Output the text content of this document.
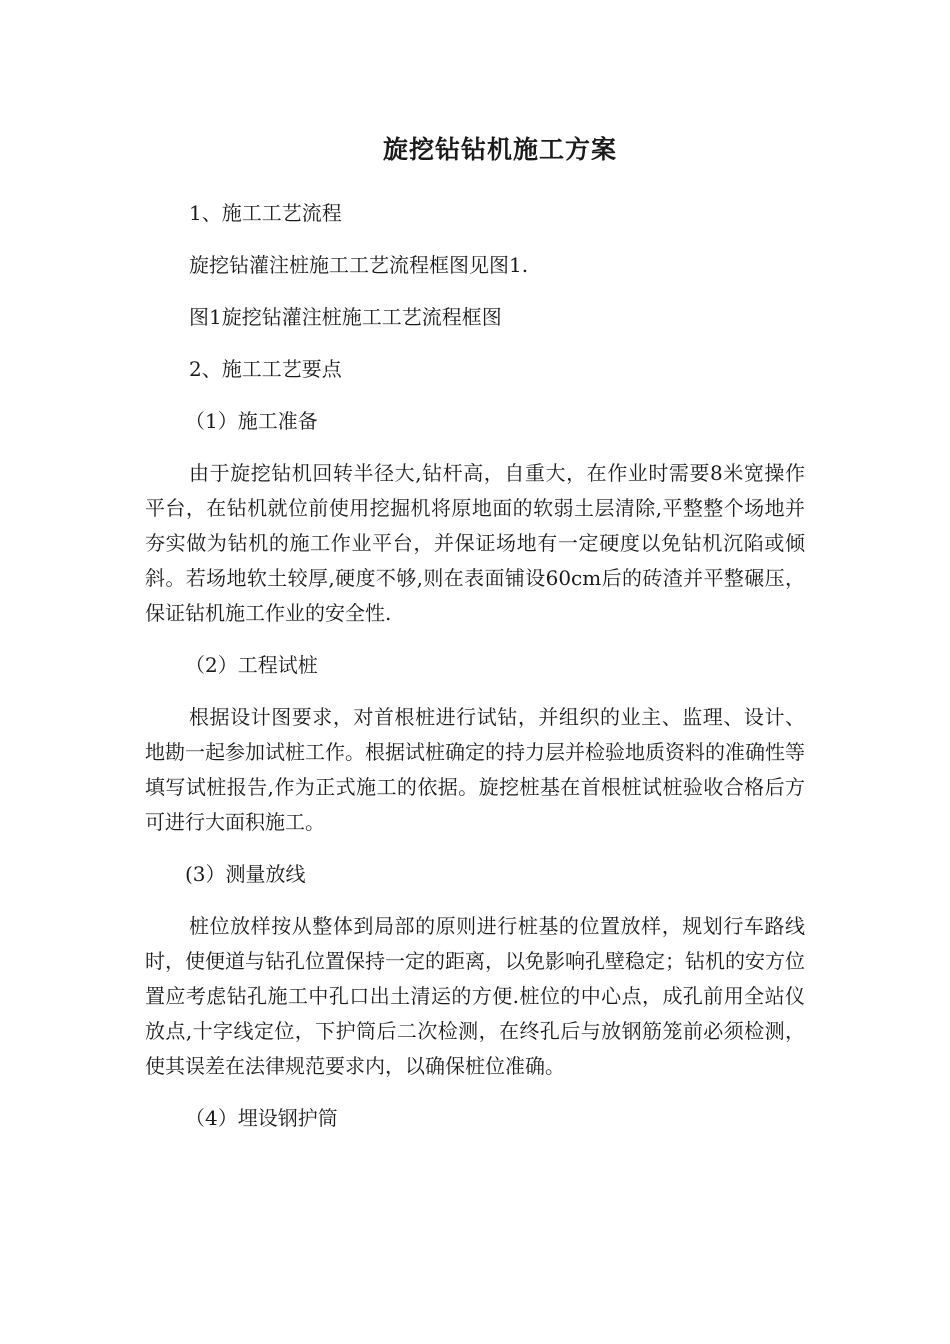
旋挖钻钻机施工方案

1、施工工艺流程

旋挖钻灌注桩施工工艺流程框图见图1.

图1旋挖钻灌注桩施工工艺流程框图

2、施工工艺要点

（1）施工准备

由于旋挖钻机回转半径大,钻杆高，自重大，在作业时需要8米宽操作平台，在钻机就位前使用挖掘机将原地面的软弱土层清除,平整整个场地并夯实做为钻机的施工作业平台，并保证场地有一定硬度以免钻机沉陷或倾斜。若场地软土较厚,硬度不够,则在表面铺设60cm后的砖渣并平整碾压，保证钻机施工作业的安全性.

（2）工程试桩

根据设计图要求，对首根桩进行试钻，并组织的业主、监理、设计、地勘一起参加试桩工作。根据试桩确定的持力层并检验地质资料的准确性等填写试桩报告,作为正式施工的依据。旋挖桩基在首根桩试桩验收合格后方可进行大面积施工。

(3）测量放线

桩位放样按从整体到局部的原则进行桩基的位置放样，规划行车路线时，使便道与钻孔位置保持一定的距离，以免影响孔壁稳定；钻机的安方位置应考虑钻孔施工中孔口出土清运的方便.桩位的中心点，成孔前用全站仪放点,十字线定位，下护筒后二次检测，在终孔后与放钢筋笼前必须检测，使其误差在法律规范要求内，以确保桩位准确。

（4）埋设钢护筒
